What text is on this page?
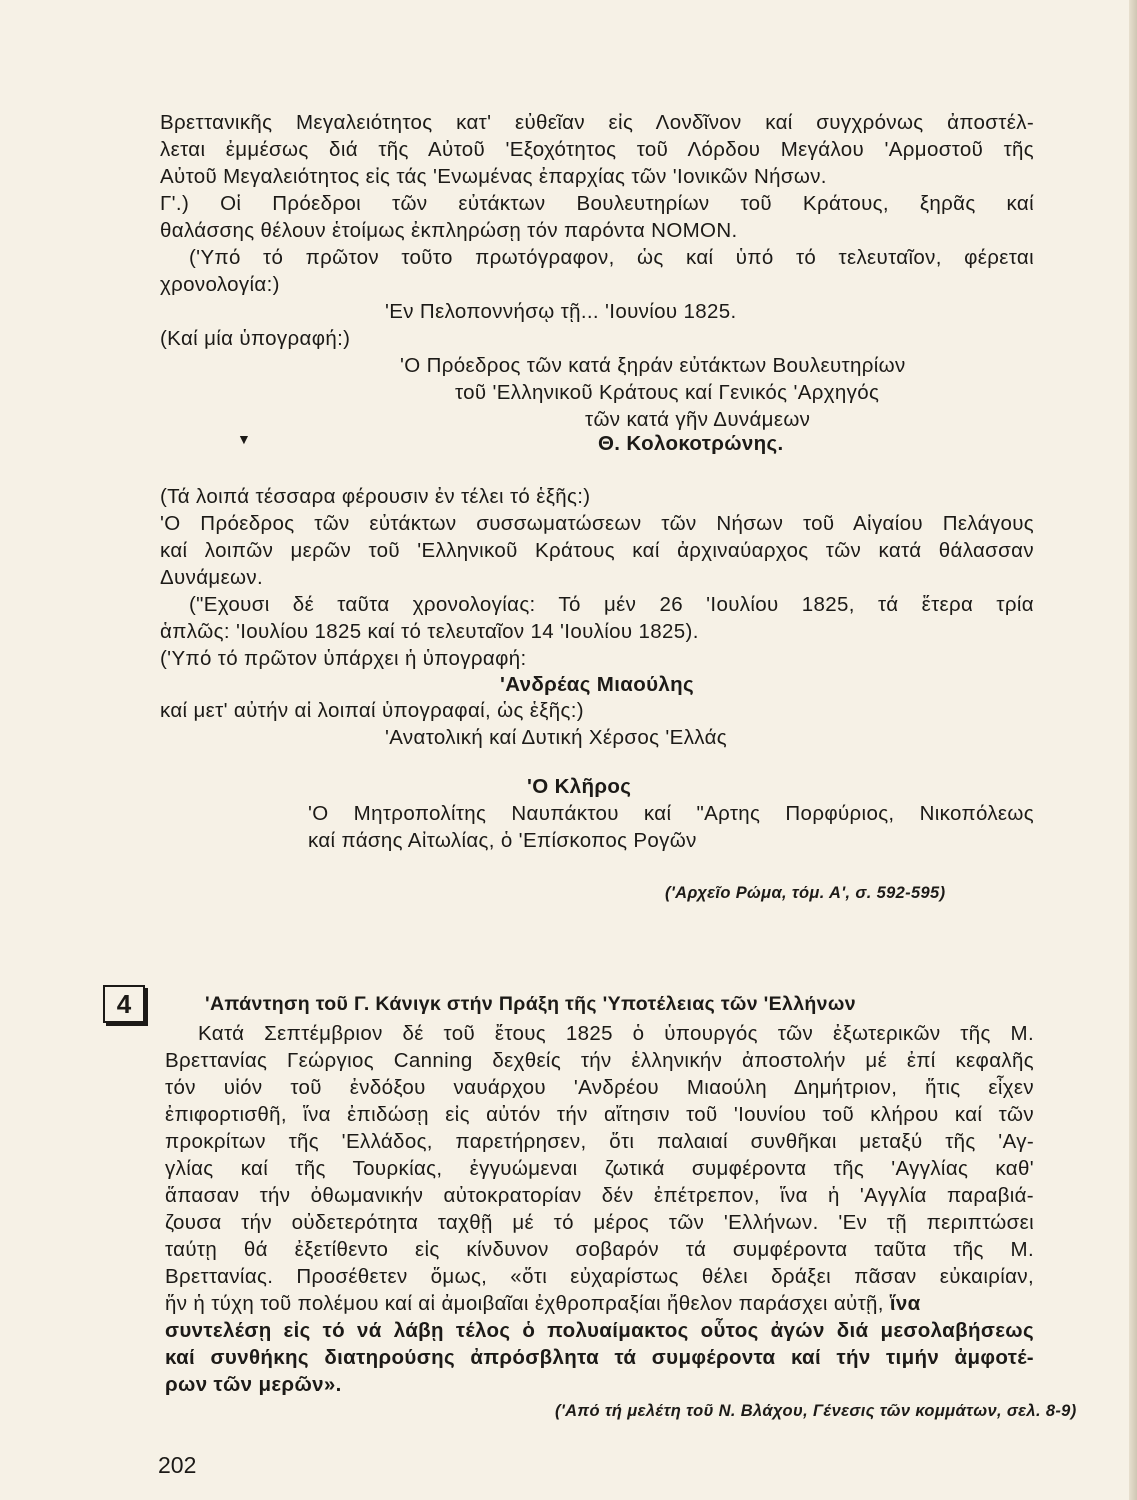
Βρεττανικῆς Μεγαλειότητος κατ' εὐθεῖαν εἰς Λονδῖνον καί συγχρόνως ἀποστέλ-
λεται ἐμμέσως διά τῆς Αὐτοῦ 'Εξοχότητος τοῦ Λόρδου Μεγάλου 'Αρμοστοῦ τῆς
Αὐτοῦ Μεγαλειότητος εἰς τάς 'Ενωμένας ἐπαρχίας τῶν 'Ιονικῶν Νήσων.
Γ'.) Οἱ Πρόεδροι τῶν εὐτάκτων Βουλευτηρίων τοῦ Κράτους, ξηρᾶς καί
θαλάσσης θέλουν ἑτοίμως ἐκπληρώσῃ τόν παρόντα ΝΟΜΟΝ.
('Υπό τό πρῶτον τοῦτο πρωτόγραφον, ὡς καί ὑπό τό τελευταῖον, φέρεται
χρονολογία:)
'Εν Πελοποννήσῳ τῇ... 'Ιουνίου 1825.
(Καί μία ὑπογραφή:)
'Ο Πρόεδρος τῶν κατά ξηράν εὐτάκτων Βουλευτηρίων
τοῦ 'Ελληνικοῦ Κράτους καί Γενικός 'Αρχηγός
τῶν κατά γῆν Δυνάμεων
▼	Θ. Κολοκοτρώνης.
(Τά λοιπά τέσσαρα φέρουσιν ἐν τέλει τό ἑξῆς:)
'Ο Πρόεδρος τῶν εὐτάκτων συσσωματώσεων τῶν Νήσων τοῦ Αἰγαίου Πελάγους
καί λοιπῶν μερῶν τοῦ 'Ελληνικοῦ Κράτους καί ἀρχιναύαρχος τῶν κατά θάλασσαν
Δυνάμεων.
("Εχουσι δέ ταῦτα χρονολογίας: Τό μέν 26 'Ιουλίου 1825, τά ἕτερα τρία
ἁπλῶς: 'Ιουλίου 1825 καί τό τελευταῖον 14 'Ιουλίου 1825).
('Υπό τό πρῶτον ὑπάρχει ἡ ὑπογραφή:
'Ανδρέας Μιαούλης
καί μετ' αὐτήν αἱ λοιπαί ὑπογραφαί, ὡς ἑξῆς:)
'Ανατολική καί Δυτική Χέρσος 'Ελλάς
'Ο Κλῆρος
'Ο Μητροπολίτης Ναυπάκτου καί "Αρτης Πορφύριος, Νικοπόλεως
καί πάσης Αἰτωλίας, ὁ 'Επίσκοπος Ρογῶν
('Αρχεῖο Ρώμα, τόμ. Α', σ. 592-595)
4	'Απάντηση τοῦ Γ. Κάνιγκ στήν Πράξη τῆς 'Υποτέλειας τῶν 'Ελλήνων
Κατά Σεπτέμβριον δέ τοῦ ἔτους 1825 ὁ ὑπουργός τῶν ἐξωτερικῶν τῆς Μ.
Βρεττανίας Γεώργιος Canning δεχθείς τήν ἑλληνικήν ἀποστολήν μέ ἐπί κεφαλῆς
τόν υἱόν τοῦ ἐνδόξου ναυάρχου 'Ανδρέου Μιαούλη Δημήτριον, ἥτις εἶχεν
ἐπιφορτισθῆ, ἵνα ἐπιδώσῃ εἰς αὐτόν τήν αἴτησιν τοῦ 'Ιουνίου τοῦ κλήρου καί τῶν
προκρίτων τῆς 'Ελλάδος, παρετήρησεν, ὅτι παλαιαί συνθῆκαι μεταξύ τῆς 'Αγ-
γλίας καί τῆς Τουρκίας, ἐγγυώμεναι ζωτικά συμφέροντα τῆς 'Αγγλίας καθ'
ἅπασαν τήν ὀθωμανικήν αὐτοκρατορίαν δέν ἐπέτρεπον, ἵνα ἡ 'Αγγλία παραβιά-
ζουσα τήν οὐδετερότητα ταχθῇ μέ τό μέρος τῶν 'Ελλήνων. 'Εν τῇ περιπτώσει
ταύτῃ θά ἐξετίθεντο εἰς κίνδυνον σοβαρόν τά συμφέροντα ταῦτα τῆς Μ.
Βρεττανίας. Προσέθετεν ὅμως, «ὅτι εὐχαρίστως θέλει δράξει πᾶσαν εὐκαιρίαν,
ἥν ἡ τύχη τοῦ πολέμου καί αἱ ἀμοιβαῖαι ἐχθροπραξίαι ἤθελον παράσχει αὐτῇ, ἵνα
συντελέσῃ εἰς τό νά λάβῃ τέλος ὁ πολυαίμακτος οὗτος ἀγών διά μεσολαβήσεως
καί συνθήκης διατηρούσης ἀπρόσβλητα τά συμφέροντα καί τήν τιμήν ἀμφοτέ-
ρων τῶν μερῶν».
('Από τή μελέτη τοῦ Ν. Βλάχου, Γένεσις τῶν κομμάτων, σελ. 8-9)
202
